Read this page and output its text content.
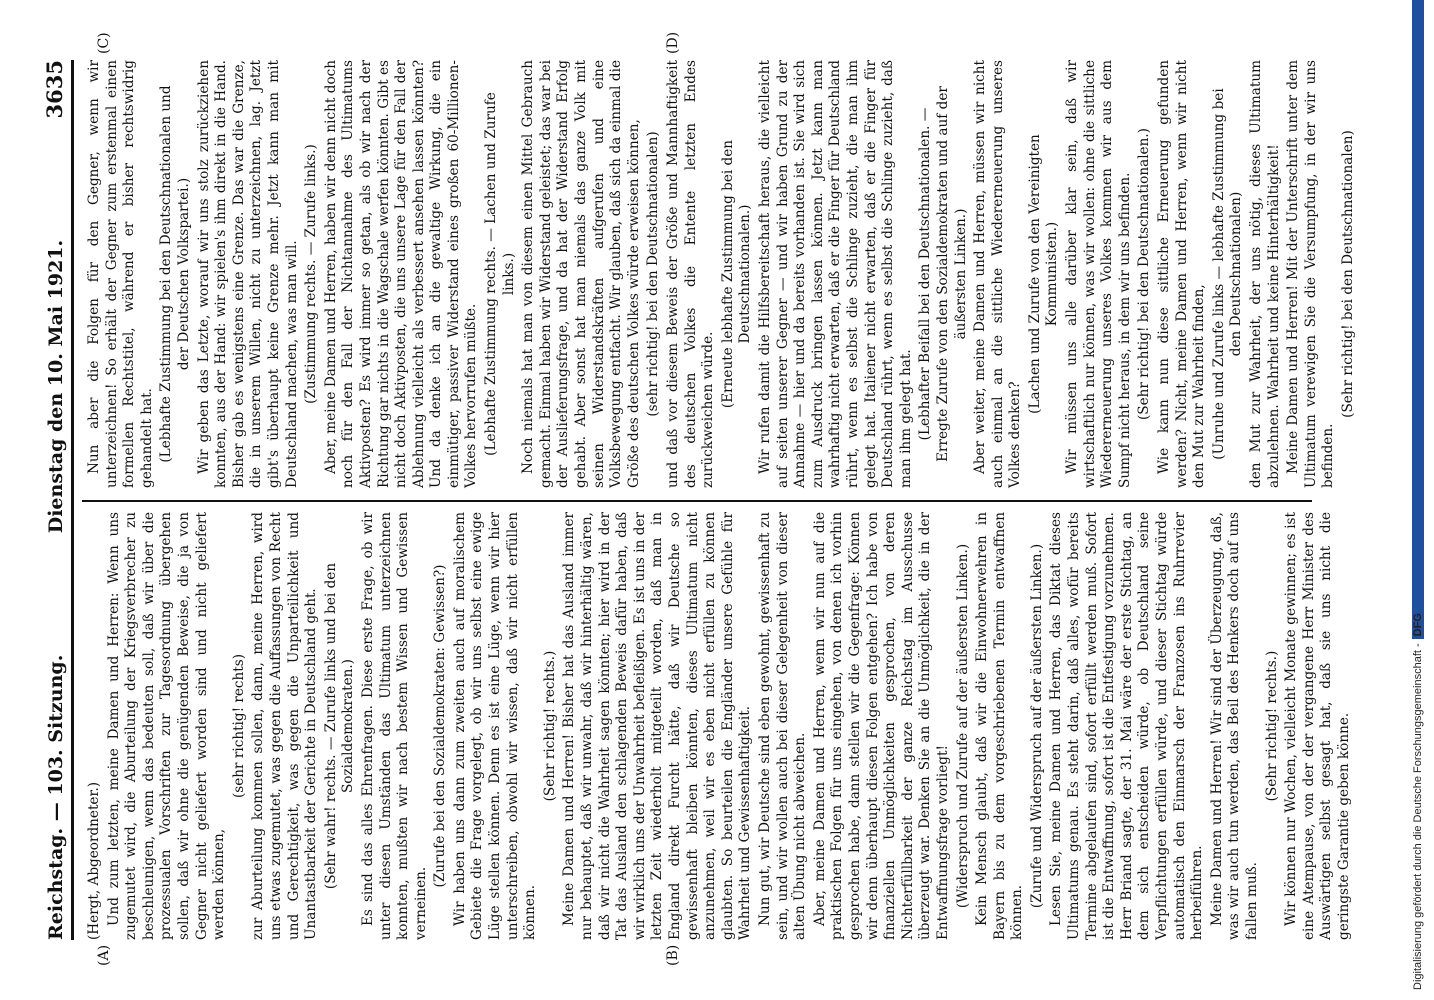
Reichstag. — 103. Sitzung.
Dienstag den 10. Mai 1921.
3635
(A)	(B)
(C)	(D)

(Hergt, Abgeordneter.) Und zum letzten, meine Damen und Herren: Wenn uns zugemutet wird, die Aburteilung der Kriegsverbrecher zu beschleunigen, wenn das bedeuten soll, daß wir über die prozessualen Vorschriften zur Tagesordnung übergehen sollen, daß wir ohne die genügenden Beweise, die ja von Gegner nicht geliefert worden sind und nicht geliefert werden können,

(sehr richtig! rechts) zur Aburteilung kommen sollen, dann, meine Herren, wird uns etwas zugemutet, was gegen die Auffassungen von Recht und Gerechtigkeit, was gegen die Unparteilichkeit und Unantastbarkeit der Gerichte in Deutschland geht. (Sehr wahr! rechts. — Zurufe links und bei den Sozialdemokraten.) Es sind das alles Ehrenfragen. Diese erste Frage, ob wir unter diesen Umständen das Ultimatum unterzeichnen konnten, mußten wir nach bestem Wissen und Gewissen verneinen.

(Zurufe bei den Sozialdemokraten: Gewissen?) Wir haben uns dann zum zweiten auch auf moralischem Gebiete die Frage vorgelegt, ob wir uns selbst eine ewige Lüge stellen können. Denn es ist eine Lüge, wenn wir hier unterschreiben, obwohl wir wissen, daß wir nicht erfüllen können.

(Sehr richtig! rechts.) Meine Damen und Herren! Bisher hat das Ausland immer nur behauptet, daß wir unwahr, daß wir hinterhältig wären, daß wir nicht die Wahrheit sagen könnten; hier wird in der Tat das Ausland den schlagenden Beweis dafür haben, daß wir wirklich uns der Unwahrheit befleißigen. Es ist uns in der letzten Zeit wiederholt mitgeteilt worden, daß man in England direkt Furcht hätte, daß wir Deutsche so gewissenhaft bleiben könnten, dieses Ultimatum nicht anzunehmen, weil wir es eben nicht erfüllen zu können glaubten. So beurteilen die Engländer unsere Gefühle für Wahrheit und Gewissenhaftigkeit. Nun gut, wir Deutsche sind eben gewohnt, gewissenhaft zu sein, und wir wollen auch bei dieser Gelegenheit von dieser alten Übung nicht abweichen. Aber, meine Damen und Herren, wenn wir nun auf die praktischen Folgen für uns eingehen, von denen ich vorhin gesprochen habe, dann stellen wir die Gegenfrage: Können wir denn überhaupt diesen Folgen entgehen? Ich habe von finanziellen Unmöglichkeiten gesprochen, von deren Nichterfüllbarkeit der ganze Reichstag im Ausschusse überzeugt war. Denken Sie an die Unmöglichkeit, die in der Entwaffnungsfrage vorliegt! (Widerspruch und Zurufe auf der äußersten Linken.) Kein Mensch glaubt, daß wir die Einwohnerwehren in Bayern bis zu dem vorgeschriebenen Termin entwaffnen können.

(Zurufe und Widerspruch auf der äußersten Linken.) Lesen Sie, meine Damen und Herren, das Diktat dieses Ultimatums genau. Es steht darin, daß alles, wofür bereits Termine abgelaufen sind, sofort erfüllt werden muß. Sofort ist die Entwaffnung, sofort ist die Entfestigung vorzunehmen. Herr Briand sagte, der 31. Mai wäre der erste Stichtag, an dem sich entscheiden würde, ob Deutschland seine Verpflichtungen erfüllen würde, und dieser Stichtag würde automatisch den Einmarsch der Franzosen ins Ruhrrevier herbeiführen. Meine Damen und Herren! Wir sind der Überzeugung, daß, was wir auch tun werden, das Beil des Henkers doch auf uns fallen muß.

(Sehr richtig! rechts.) Wir können nur Wochen, vielleicht Monate gewinnen; es ist eine Atempause, von der der vergangene Herr Minister des Auswärtigen selbst gesagt hat, daß sie uns nicht die geringste Garantie geben könne.

Nun aber die Folgen für den Gegner, wenn wir unterzeichnen! So erhält der Gegner zum erstenmal einen formellen Rechtstitel, während er bisher rechtswidrig gehandelt hat. (Lebhafte Zustimmung bei den Deutschnationalen und der Deutschen Volkspartei.) Wir geben das Letzte, worauf wir uns stolz zurückziehen konnten, aus der Hand: wir spielen's ihm direkt in die Hand. Bisher gab es wenigstens eine Grenze. Das war die Grenze, die in unserem Willen, nicht zu unterzeichnen, lag. Jetzt gibt's überhaupt keine Grenze mehr. Jetzt kann man mit Deutschland machen, was man will. (Zustimmung rechts. — Zurufe links.) Aber, meine Damen und Herren, haben wir denn nicht doch noch für den Fall der Nichtannahme des Ultimatums Aktivposten? Es wird immer so getan, als ob wir nach der Richtung gar nichts in die Wagschale werfen könnten. Gibt es nicht doch Aktivposten, die uns unsere Lage für den Fall der Ablehnung vielleicht als verbessert ansehen lassen könnten? Und da denke ich an die gewaltige Wirkung, die ein einmütiger, passiver Widerstand eines großen 60-Millionen-Volkes hervorrufen müßte. (Lebhafte Zustimmung rechts. — Lachen und Zurufe links.) Noch niemals hat man von diesem einen Mittel Gebrauch gemacht. Einmal haben wir Widerstand geleistet; das war bei der Auslieferungsfrage, und da hat der Widerstand Erfolg gehabt. Aber sonst hat man niemals das ganze Volk mit seinen Widerstandskräften aufgerufen und eine Volksbewegung entfacht. Wir glauben, daß sich da einmal die Größe des deutschen Volkes würde erweisen können, (sehr richtig! bei den Deutschnationalen) und daß vor diesem Beweis der Größe und Mannhaftigkeit des deutschen Volkes die Entente letzten Endes zurückweichen würde.

(Erneute lebhafte Zustimmung bei den Deutschnationalen.) Wir rufen damit die Hilfsbereitschaft heraus, die vielleicht auf seiten unserer Gegner — und wir haben Grund zu der Annahme — hier und da bereits vorhanden ist. Sie wird sich zum Ausdruck bringen lassen können. Jetzt kann man wahrhaftig nicht erwarten, daß er die Finger für Deutschland rührt, wenn es selbst die Schlinge zuzieht, die man ihm gelegt hat. Italiener nicht erwarten, daß er die Finger für Deutschland rührt, wenn es selbst die Schlinge zuzieht, daß man ihm gelegt hat. (Lebhafter Beifall bei den Deutschnationalen. — Erregte Zurufe von den Sozialdemokraten und auf der äußersten Linken.) Aber weiter, meine Damen und Herren, müssen wir nicht auch einmal an die sittliche Wiedererneuerung unseres Volkes denken?

(Lachen und Zurufe von den Vereinigten Kommunisten.) Wir müssen uns alle darüber klar sein, daß wir wirtschaftlich nur können, was wir wollen: ohne die sittliche Wiedererneuerung unseres Volkes kommen wir aus dem Sumpf nicht heraus, in dem wir uns befinden. (Sehr richtig! bei den Deutschnationalen.) Wie kann nun diese sittliche Erneuerung gefunden werden? Nicht, meine Damen und Herren, wenn wir nicht den Mut zur Wahrheit finden, (Unruhe und Zurufe links — lebhafte Zustimmung bei den Deutschnationalen) den Mut zur Wahrheit, der uns nötig, dieses Ultimatum abzulehnen. Wahrheit und keine Hinterhältigkeit! Meine Damen und Herren! Mit der Unterschrift unter dem Ultimatum verewigen Sie die Versumpfung, in der wir uns befinden.

(Sehr richtig! bei den Deutschnationalen)

Digitalisierung gefördert durch die Deutsche Forschungsgemeinschaft -DFG
